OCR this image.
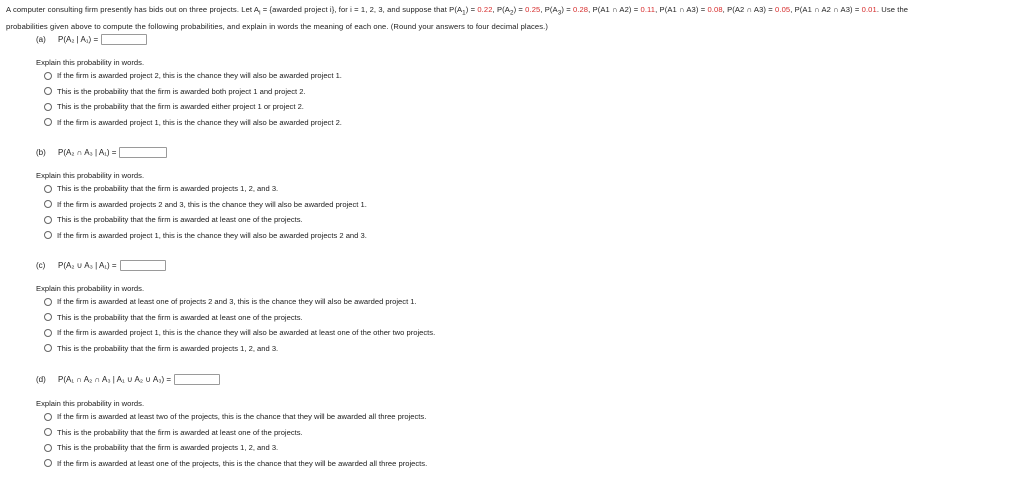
A computer consulting firm presently has bids out on three projects. Let $A_i$ = {awarded project i}, for i = 1, 2, 3, and suppose that $P(A_1) = 0.22$, $P(A_2) = 0.25$, $P(A_3) = 0.28$, P(A1 ∩ A2) = 0.11, P(A1 ∩ A3) = 0.08, P(A2 ∩ A3) = 0.05, P(A1 ∩ A2 ∩ A3) = 0.01. Use the
probabilities given above to compute the following probabilities, and explain in words the meaning of each one. (Round your answers to four decimal places.)
(a)	P(A₂ | A₁) =
Explain this probability in words.
If the firm is awarded project 2, this is the chance they will also be awarded project 1.
This is the probability that the firm is awarded both project 1 and project 2.
This is the probability that the firm is awarded either project 1 or project 2.
If the firm is awarded project 1, this is the chance they will also be awarded project 2.
(b)	P(A₂ ∩ A₃ | A₁) =
Explain this probability in words.
This is the probability that the firm is awarded projects 1, 2, and 3.
If the firm is awarded projects 2 and 3, this is the chance they will also be awarded project 1.
This is the probability that the firm is awarded at least one of the projects.
If the firm is awarded project 1, this is the chance they will also be awarded projects 2 and 3.
(c)	P(A₂ ∪ A₃ | A₁) =
Explain this probability in words.
If the firm is awarded at least one of projects 2 and 3, this is the chance they will also be awarded project 1.
This is the probability that the firm is awarded at least one of the projects.
If the firm is awarded project 1, this is the chance they will also be awarded at least one of the other two projects.
This is the probability that the firm is awarded projects 1, 2, and 3.
(d)	P(A₁ ∩ A₂ ∩ A₃ | A₁ ∪ A₂ ∪ A₃) =
Explain this probability in words.
If the firm is awarded at least two of the projects, this is the chance that they will be awarded all three projects.
This is the probability that the firm is awarded at least one of the projects.
This is the probability that the firm is awarded projects 1, 2, and 3.
If the firm is awarded at least one of the projects, this is the chance that they will be awarded all three projects.
